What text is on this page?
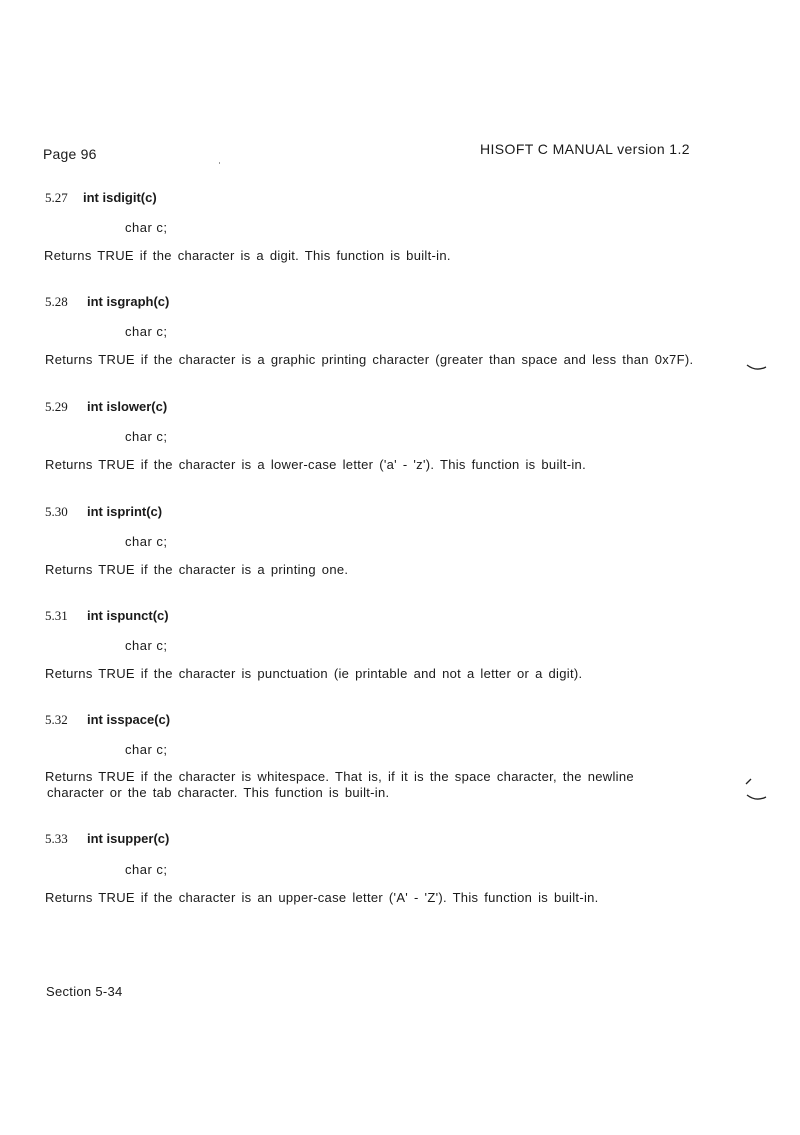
Page 96	HISOFT C MANUAL version 1.2
5.27 int isdigit(c)
char c;
Returns TRUE if the character is a digit. This function is built-in.
5.28 int isgraph(c)
char c;
Returns TRUE if the character is a graphic printing character (greater than space and less than 0x7F).
5.29 int islower(c)
char c;
Returns TRUE if the character is a lower-case letter ('a' - 'z'). This function is built-in.
5.30 int isprint(c)
char c;
Returns TRUE if the character is a printing one.
5.31 int ispunct(c)
char c;
Returns TRUE if the character is punctuation (ie printable and not a letter or a digit).
5.32 int isspace(c)
char c;
Returns TRUE if the character is whitespace. That is, if it is the space character, the newline
character or the tab character. This function is built-in.
5.33 int isupper(c)
char c;
Returns TRUE if the character is an upper-case letter ('A' - 'Z'). This function is built-in.
Section 5-34
